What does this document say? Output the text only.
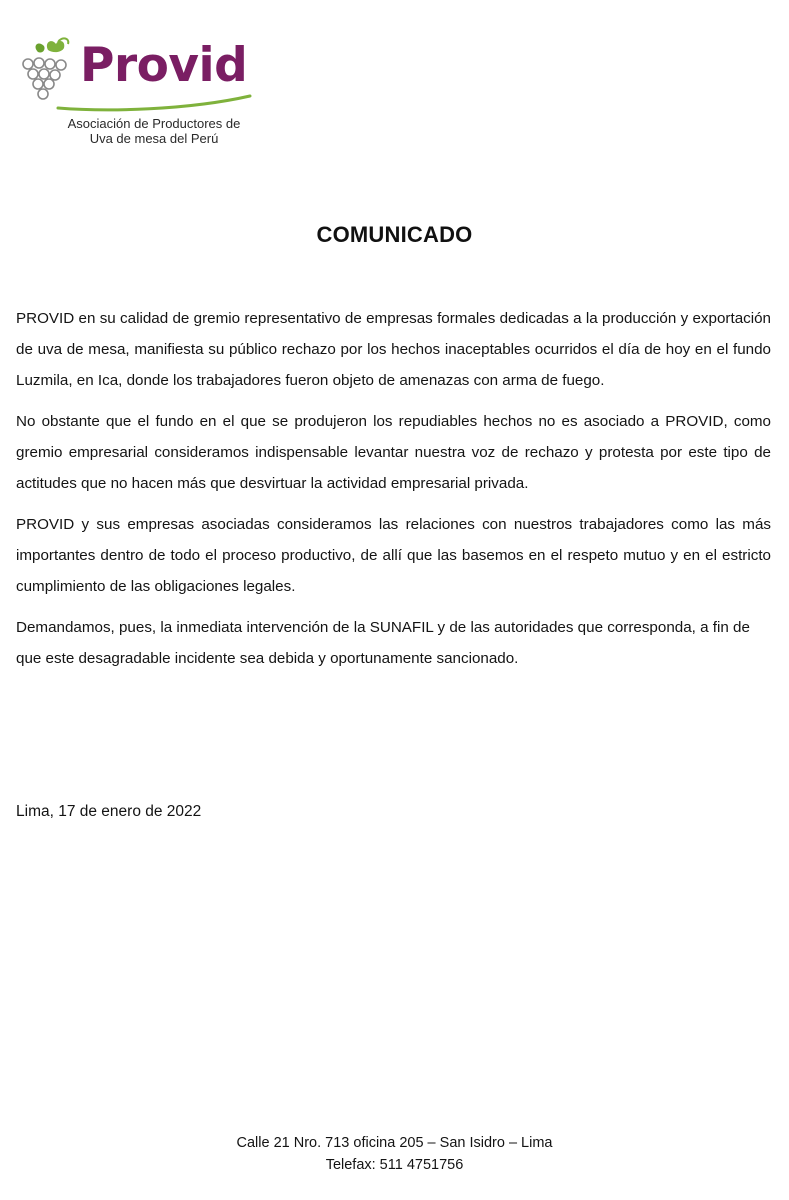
Provid
Asociación de Productores de
Uva de mesa del Perú
COMUNICADO

PROVID en su calidad de gremio representativo de empresas formales dedicadas a la producción y exportación de uva de mesa, manifiesta su público rechazo por los hechos inaceptables ocurridos el día de hoy en el fundo Luzmila, en Ica, donde los trabajadores fueron objeto de amenazas con arma de fuego.

No obstante que el fundo en el que se produjeron los repudiables hechos no es asociado a PROVID, como gremio empresarial consideramos indispensable levantar nuestra voz de rechazo y protesta por este tipo de actitudes que no hacen más que desvirtuar la actividad empresarial privada.

PROVID y sus empresas asociadas consideramos las relaciones con nuestros trabajadores como las más importantes dentro de todo el proceso productivo, de allí que las basemos en el respeto mutuo y en el estricto cumplimiento de las obligaciones legales.

Demandamos, pues, la inmediata intervención de la SUNAFIL y de las autoridades que corresponda, a fin de que este desagradable incidente sea debida y oportunamente sancionado.

Lima, 17 de enero de 2022
Calle 21 Nro. 713 oficina 205 – San Isidro – Lima
Telefax: 511 4751756
